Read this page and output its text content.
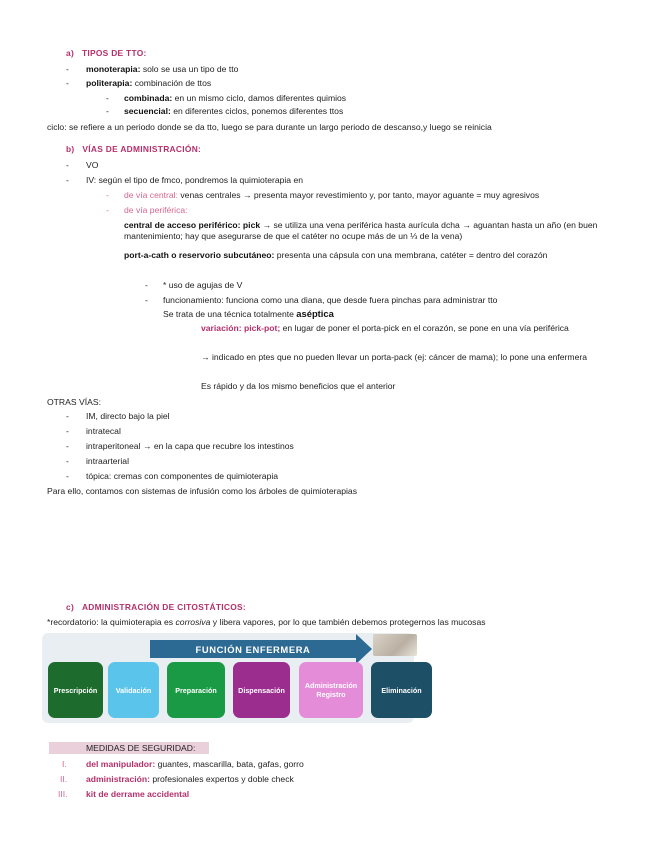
a) TIPOS DE TTO:
- monoterapia: solo se usa un tipo de tto
- politerapia: combinación de ttos
- combinada: en un mismo ciclo, damos diferentes quimios
- secuencial: en diferentes ciclos, ponemos diferentes ttos
ciclo: se refiere a un periodo donde se da tto, luego se para durante un largo periodo de descanso,y luego se reinicia
b) VÍAS DE ADMINISTRACIÓN:
- VO
- IV: según el tipo de fmco, pondremos la quimioterapia en
- de vía central: venas centrales → presenta mayor revestimiento y, por tanto, mayor aguante = muy agresivos
- de vía periférica:
central de acceso periférico: pick → se utiliza una vena periférica hasta aurícula dcha → aguantan hasta un año (en buen mantenimiento; hay que asegurarse de que el catéter no ocupe más de un ⅓ de la vena)
port-a-cath o reservorio subcutáneo: presenta una cápsula con una membrana, catéter = dentro del corazón
- * uso de agujas de V
- funcionamiento: funciona como una diana, que desde fuera pinchas para administrar tto
Se trata de una técnica totalmente aséptica
variación: pick-pot; en lugar de poner el porta-pick en el corazón, se pone en una vía periférica
→ indicado en ptes que no pueden llevar un porta-pack (ej: cáncer de mama); lo pone una enfermera
Es rápido y da los mismo beneficios que el anterior
OTRAS VÍAS:
- IM, directo bajo la piel
- intratecal
- intraperitoneal → en la capa que recubre los intestinos
- intraarterial
- tópica: cremas con componentes de quimioterapia
Para ello, contamos con sistemas de infusión como los árboles de quimioterapias
c) ADMINISTRACIÓN DE CITOSTÁTICOS:
*recordatorio: la quimioterapia es corrosiva y libera vapores, por lo que también debemos protegernos las mucosas
FUNCIÓN ENFERMERA
Prescripción	Validación	Preparación	Dispensación	Administración Registro	Eliminación
MEDIDAS DE SEGURIDAD:
I. del manipulador: guantes, mascarilla, bata, gafas, gorro
II. administración: profesionales expertos y doble check
III. kit de derrame accidental
